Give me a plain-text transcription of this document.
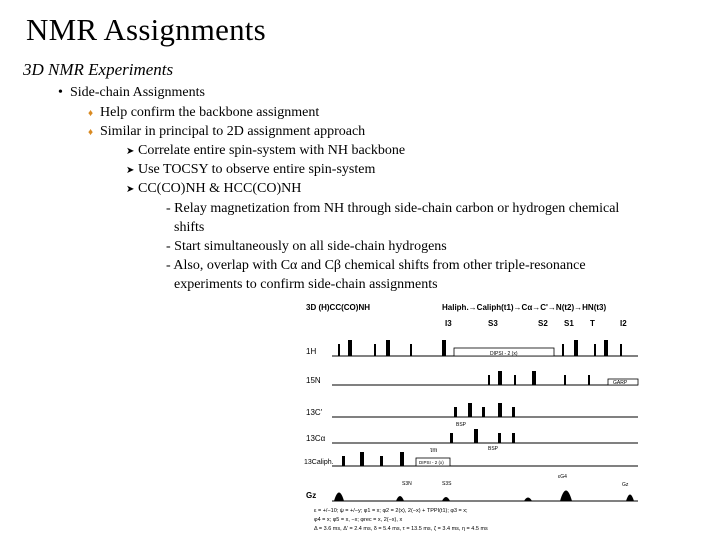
NMR Assignments
3D NMR Experiments
• Side-chain Assignments
♦ Help confirm the backbone assignment
♦ Similar in principal to 2D assignment approach
➤ Correlate entire spin-system with NH backbone
➤ Use TOCSY to observe entire spin-system
➤ CC(CO)NH & HCC(CO)NH
- Relay magnetization from NH through side-chain carbon or hydrogen chemical
shifts
- Start simultaneously on all side-chain hydrogens
- Also, overlap with Cα and Cβ chemical shifts from other triple-resonance
experiments to confirm side-chain assignments
3D (H)CC(CO)NH	Haliph.→Caliph(t1)→Cα→C'→N(t2)→HN(t3)
I3	S3	S2 S1 T	I2
1H
15N
13C'
13Cα
13Caliph.
Gz
DIPSI - 2 (x)
GARP
BSP
BSP
DIPSI - 2 (x)
τm
S3N	S3S
εG4
Gz
ε = +/−10; ψ = +/−y; φ1 = x; φ2 = 2(x), 2(−x) + TPPI(t1); φ3 = x;
φ4 = x; φ5 = x, −x; φrec = x, 2(−x), x
Δ = 3.6 ms, Δ' = 2.4 ms, δ = 5.4 ms, τ = 13.5 ms, ζ = 3.4 ms, η = 4.5 ms
